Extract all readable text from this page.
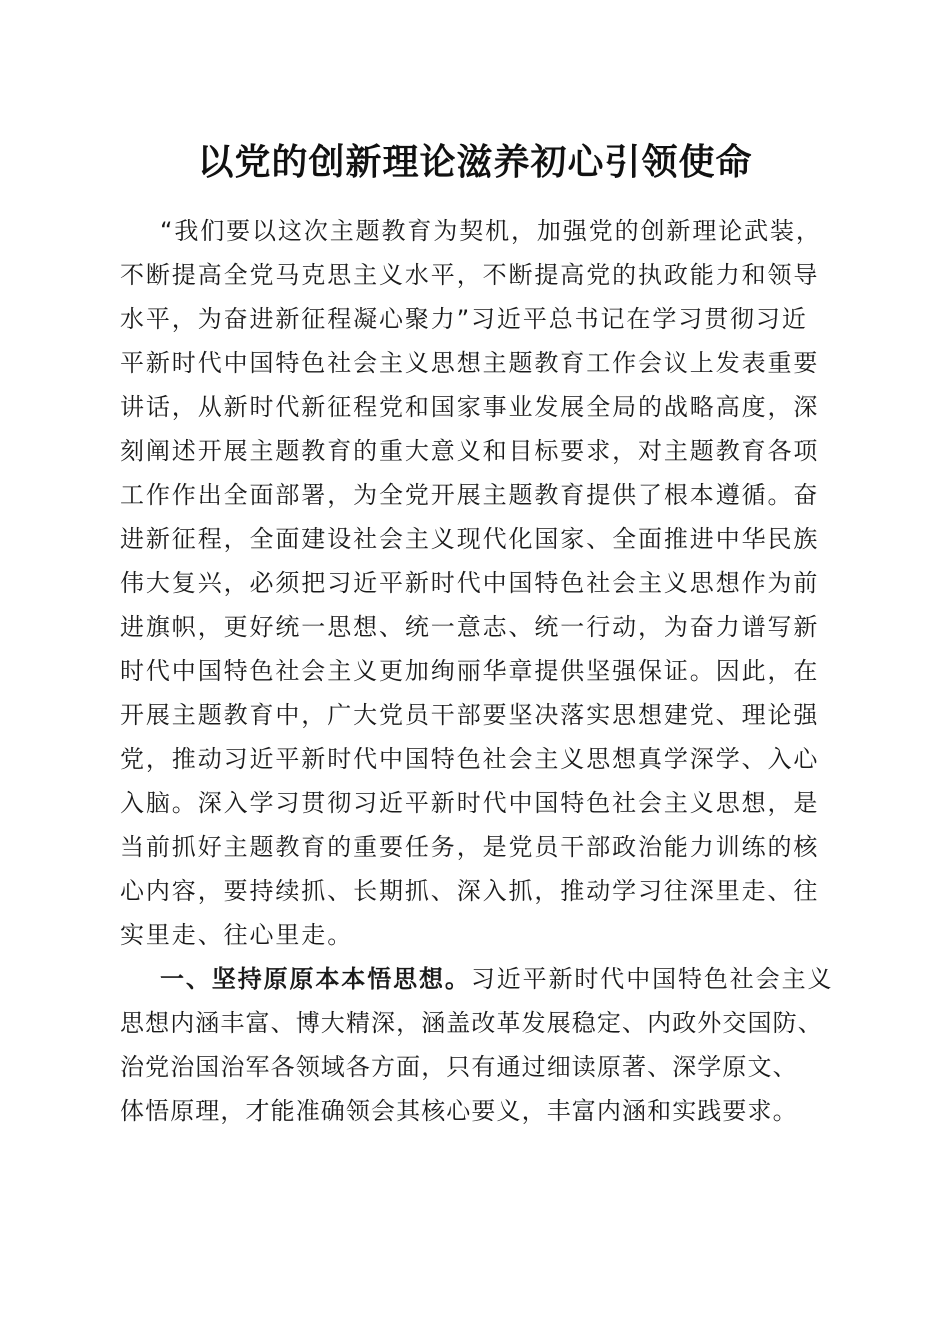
以党的创新理论滋养初心引领使命
“我们要以这次主题教育为契机，加强党的创新理论武装，
不断提高全党马克思主义水平，不断提高党的执政能力和领导
水平，为奋进新征程凝心聚力”习近平总书记在学习贯彻习近
平新时代中国特色社会主义思想主题教育工作会议上发表重要
讲话，从新时代新征程党和国家事业发展全局的战略高度，深
刻阐述开展主题教育的重大意义和目标要求，对主题教育各项
工作作出全面部署，为全党开展主题教育提供了根本遵循。奋
进新征程，全面建设社会主义现代化国家、全面推进中华民族
伟大复兴，必须把习近平新时代中国特色社会主义思想作为前
进旗帜，更好统一思想、统一意志、统一行动，为奋力谱写新
时代中国特色社会主义更加绚丽华章提供坚强保证。因此，在
开展主题教育中，广大党员干部要坚决落实思想建党、理论强
党，推动习近平新时代中国特色社会主义思想真学深学、入心
入脑。深入学习贯彻习近平新时代中国特色社会主义思想，是
当前抓好主题教育的重要任务，是党员干部政治能力训练的核
心内容，要持续抓、长期抓、深入抓，推动学习往深里走、往
实里走、往心里走。
一、坚持原原本本悟思想。习近平新时代中国特色社会主义
思想内涵丰富、博大精深，涵盖改革发展稳定、内政外交国防、
治党治国治军各领域各方面，只有通过细读原著、深学原文、
体悟原理，才能准确领会其核心要义，丰富内涵和实践要求。
